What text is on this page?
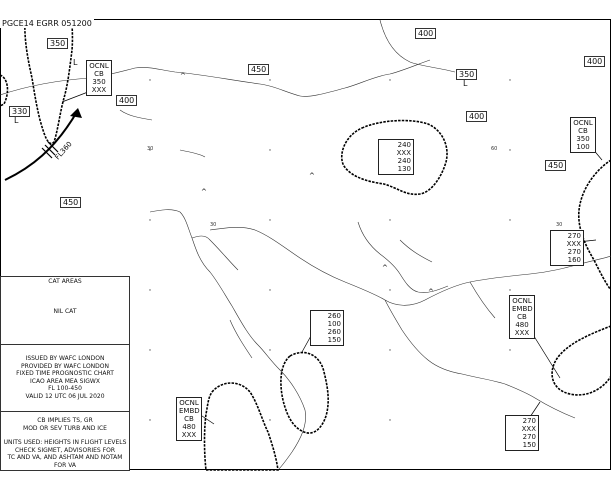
30
30	30
60
FL360
^
^
^
^
^
PGCE14 EGRR 051200
350
450
400
400
330
400
350
400
450
450
L
L
L OCNL
CB
350
XXX
OCNL
CB
350
100
OCNL
EMBD
CB
480
XXX
OCNL
EMBD
CB
480
XXX
240
XXX
240
130
270
XXX
270
160
260
100
260
150
270
XXX
270
150
CAT AREAS
NIL CAT
ISSUED BY WAFC LONDON
PROVIDED BY WAFC LONDON
FIXED TIME PROGNOSTIC CHART
ICAO AREA MEA SIGWX
FL 100-450
VALID 12 UTC 06 JUL 2020
CB IMPLIES TS, GR
MOD OR SEV TURB AND ICE
UNITS USED: HEIGHTS IN FLIGHT LEVELS
CHECK SIGMET, ADVISORIES FOR
TC AND VA, AND ASHTAM AND NOTAM FOR VA
